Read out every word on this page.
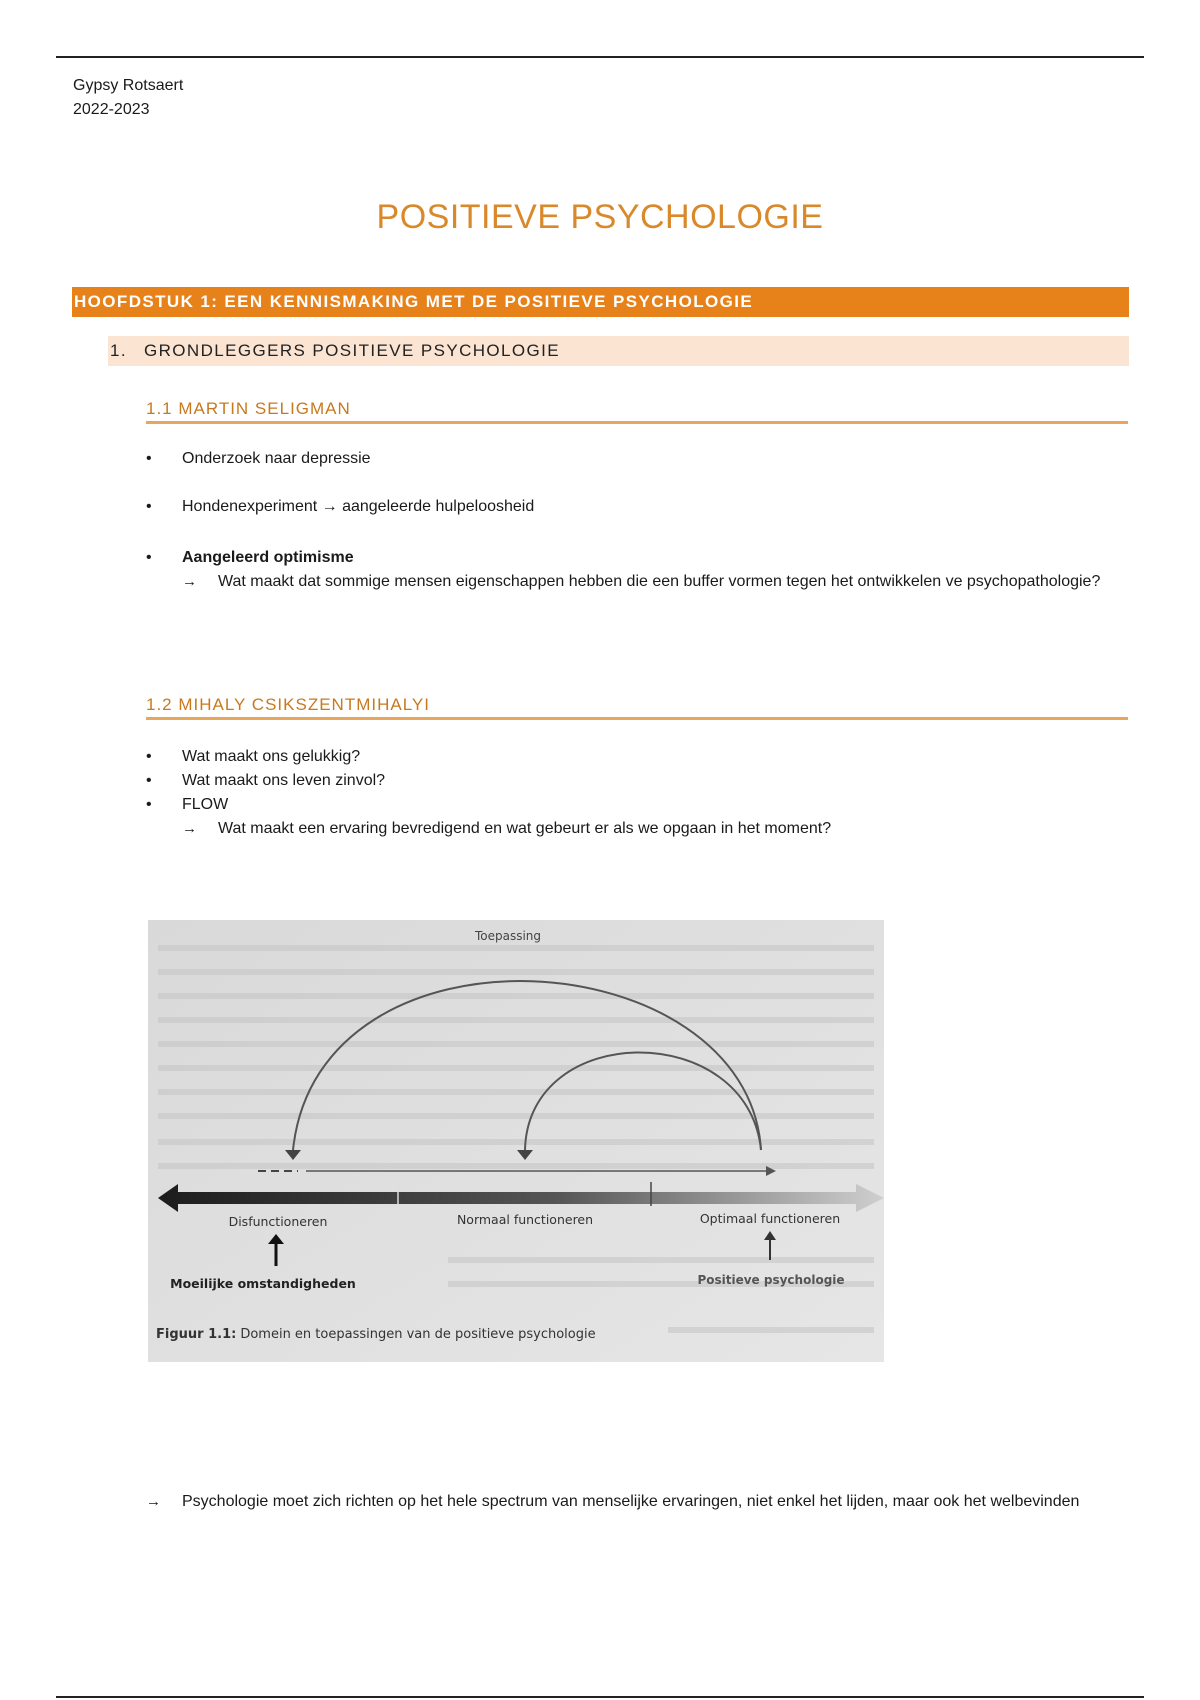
Gypsy Rotsaert
2022-2023
POSITIEVE PSYCHOLOGIE
HOOFDSTUK 1: EEN KENNISMAKING MET DE POSITIEVE PSYCHOLOGIE
1. GRONDLEGGERS POSITIEVE PSYCHOLOGIE
1.1 MARTIN SELIGMAN
• Onderzoek naar depressie
• Hondenexperiment → aangeleerde hulpeloosheid
• Aangeleerd optimisme
→ Wat maakt dat sommige mensen eigenschappen hebben die een buffer vormen tegen het ontwikkelen ve psychopathologie?
1.2 MIHALY CSIKSZENTMIHALYI
• Wat maakt ons gelukkig?
• Wat maakt ons leven zinvol?
• FLOW
→ Wat maakt een ervaring bevredigend en wat gebeurt er als we opgaan in het moment?
Toepassing
Disfunctioneren	Normaal functioneren	Optimaal functioneren
Moeilijke omstandigheden	Positieve psychologie
Figuur 1.1: Domein en toepassingen van de positieve psychologie
→ Psychologie moet zich richten op het hele spectrum van menselijke ervaringen, niet enkel het lijden, maar ook het welbevinden
